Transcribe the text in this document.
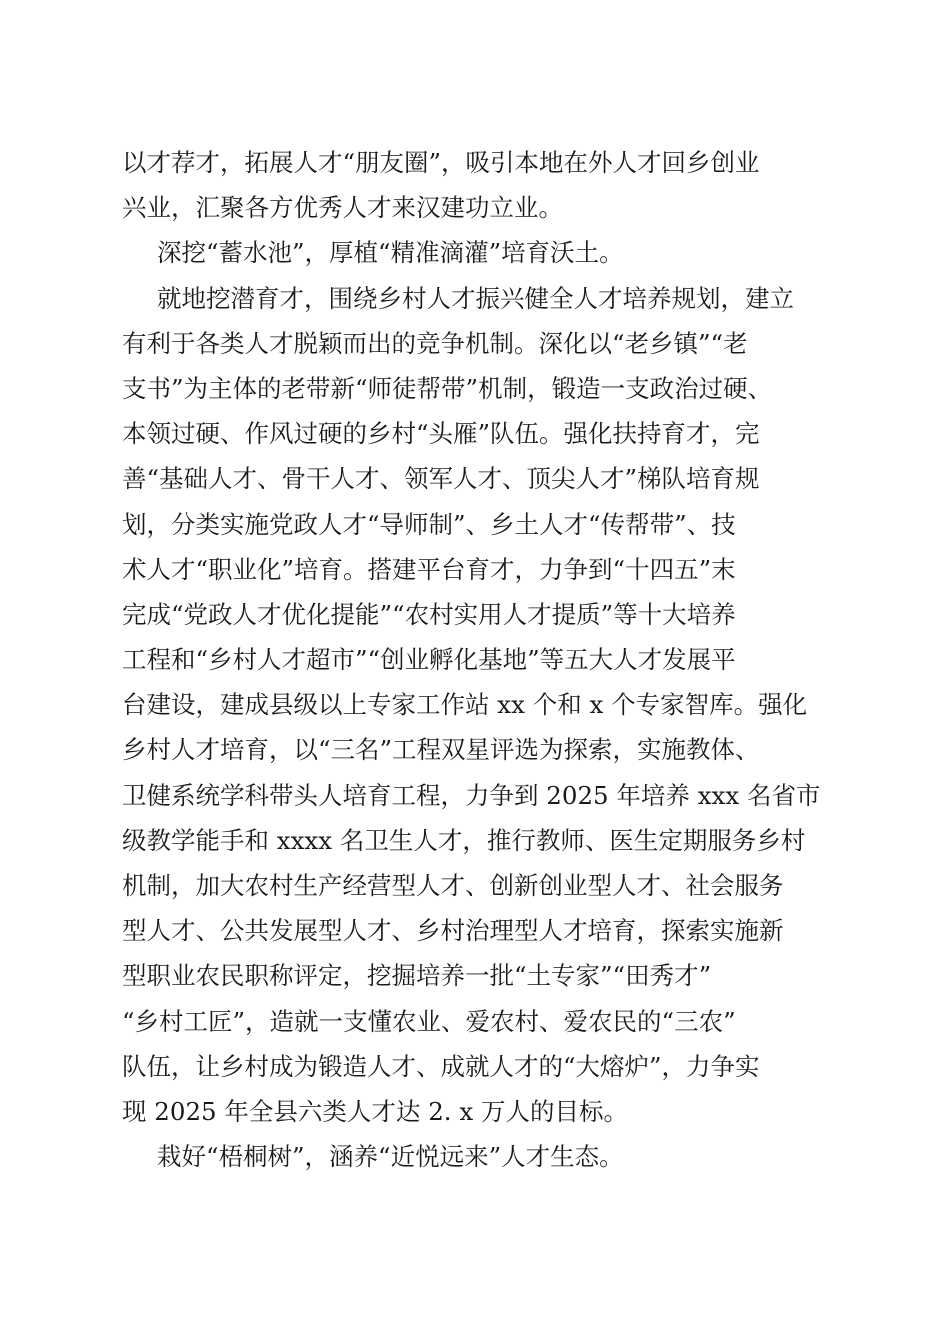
以才荐才，拓展人才“朋友圈”，吸引本地在外人才回乡创业
兴业，汇聚各方优秀人才来汉建功立业。
深挖“蓄水池”，厚植“精准滴灌”培育沃土。
就地挖潜育才，围绕乡村人才振兴健全人才培养规划，建立
有利于各类人才脱颖而出的竞争机制。深化以“老乡镇”“老
支书”为主体的老带新“师徒帮带”机制，锻造一支政治过硬、
本领过硬、作风过硬的乡村“头雁”队伍。强化扶持育才，完
善“基础人才、骨干人才、领军人才、顶尖人才”梯队培育规
划，分类实施党政人才“导师制”、乡土人才“传帮带”、技
术人才“职业化”培育。搭建平台育才，力争到“十四五”末
完成“党政人才优化提能”“农村实用人才提质”等十大培养
工程和“乡村人才超市”“创业孵化基地”等五大人才发展平
台建设，建成县级以上专家工作站 xx 个和 x 个专家智库。强化
乡村人才培育，以“三名”工程双星评选为探索，实施教体、
卫健系统学科带头人培育工程，力争到 2025 年培养 xxx 名省市
级教学能手和 xxxx 名卫生人才，推行教师、医生定期服务乡村
机制，加大农村生产经营型人才、创新创业型人才、社会服务
型人才、公共发展型人才、乡村治理型人才培育，探索实施新
型职业农民职称评定，挖掘培养一批“土专家”“田秀才”
“乡村工匠”，造就一支懂农业、爱农村、爱农民的“三农”
队伍，让乡村成为锻造人才、成就人才的“大熔炉”，力争实
现 2025 年全县六类人才达 2. x 万人的目标。
栽好“梧桐树”，涵养“近悦远来”人才生态。
